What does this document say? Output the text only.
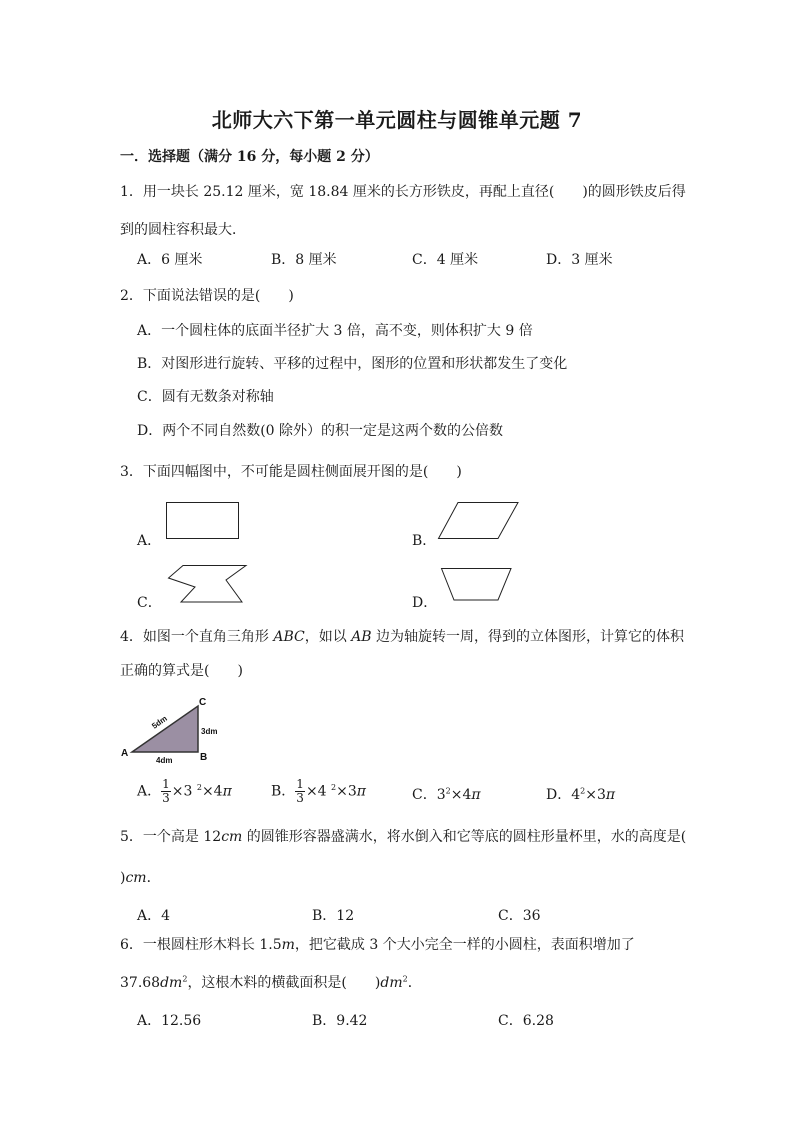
北师大六下第一单元圆柱与圆锥单元题 7
一．选择题（满分 16 分，每小题 2 分）
1．用一块长 25.12 厘米，宽 18.84 厘米的长方形铁皮，再配上直径(　　)的圆形铁皮后得
到的圆柱容积最大．
A．6 厘米	B．8 厘米	C．4 厘米	D．3 厘米
2．下面说法错误的是(　　)
A．一个圆柱体的底面半径扩大 3 倍，高不变，则体积扩大 9 倍
B．对图形进行旋转、平移的过程中，图形的位置和形状都发生了变化
C．圆有无数条对称轴
D．两个不同自然数(0 除外）的积一定是这两个数的公倍数
3．下面四幅图中，不可能是圆柱侧面展开图的是(　　)
A．	B．
C．	D．
4．如图一个直角三角形 ABC，如以 AB 边为轴旋转一周，得到的立体图形，计算它的体积
正确的算式是(　　)
A	B
C
5dm
3dm
4dm
A． $\frac{1}{3} \times 3$ $^2$×4π	B． $\frac{1}{3} \times 4$ $^2$×3π	C．$3^2\times 4\pi$	D．$4^2\times 3\pi$
5．一个高是 12cm 的圆锥形容器盛满水，将水倒入和它等底的圆柱形量杯里，水的高度是(
)cm．
A．4	B．12	C．36
6．一根圆柱形木料长 1.5m，把它截成 3 个大小完全一样的小圆柱，表面积增加了
$37.68dm^2$，这根木料的横截面积是(　　)$dm^2$．
A．12.56	B．9.42	C．6.28
